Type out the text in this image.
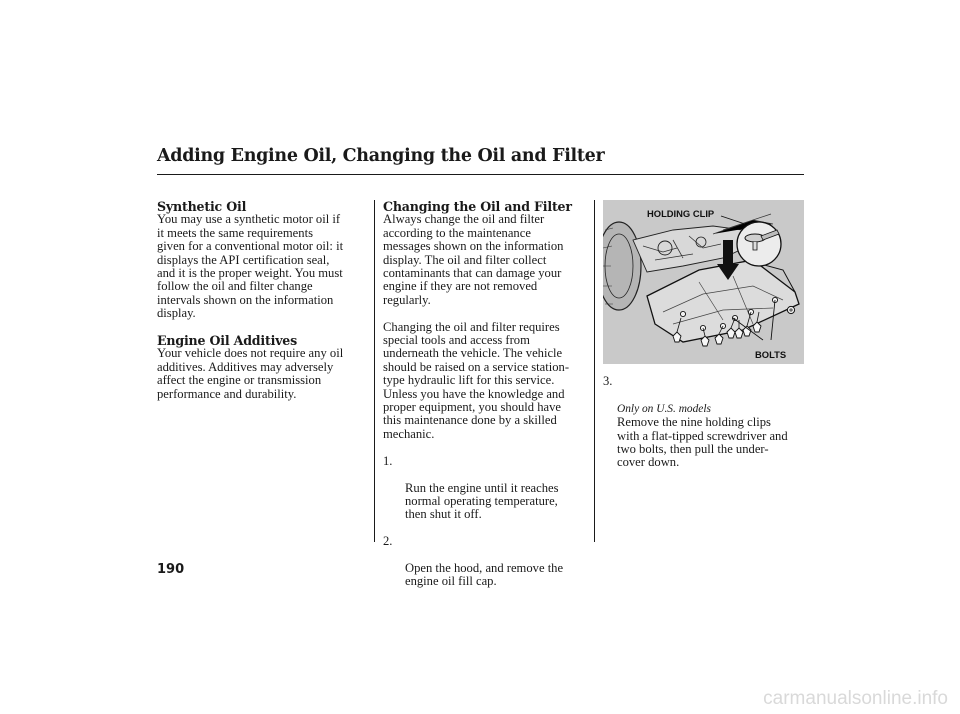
Adding Engine Oil, Changing the Oil and Filter
Synthetic Oil

You may use a synthetic motor oil if
it meets the same requirements
given for a conventional motor oil: it
displays the API certification seal,
and it is the proper weight. You must
follow the oil and filter change
intervals shown on the information
display.

Engine Oil Additives

Your vehicle does not require any oil
additives. Additives may adversely
affect the engine or transmission
performance and durability.

Changing the Oil and Filter

Always change the oil and filter
according to the maintenance
messages shown on the information
display. The oil and filter collect
contaminants that can damage your
engine if they are not removed
regularly.

Changing the oil and filter requires
special tools and access from
underneath the vehicle. The vehicle
should be raised on a service station-
type hydraulic lift for this service.
Unless you have the knowledge and
proper equipment, you should have
this maintenance done by a skilled
mechanic.

1.

Run the engine until it reaches
normal operating temperature,
then shut it off.

2.

Open the hood, and remove the
engine oil fill cap.

HOLDING CLIP
BOLTS

3.

Only on U.S. models

Remove the nine holding clips
with a flat-tipped screwdriver and
two bolts, then pull the under-
cover down.

190
carmanualsonline.info
